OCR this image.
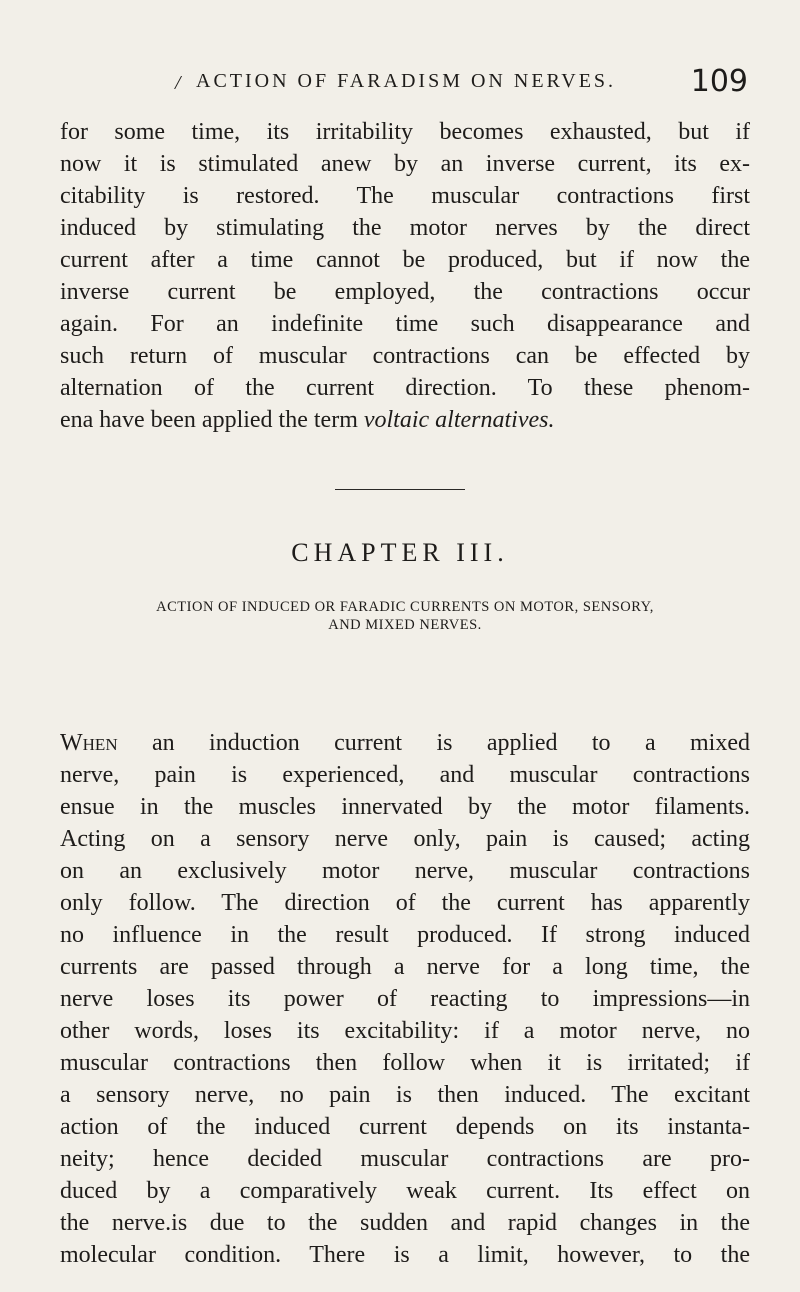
/ ACTION OF FARADISM ON NERVES. 109
for some time, its irritability becomes exhausted, but if
now it is stimulated anew by an inverse current, its ex-
citability is restored. The muscular contractions first
induced by stimulating the motor nerves by the direct
current after a time cannot be produced, but if now the
inverse current be employed, the contractions occur
again. For an indefinite time such disappearance and
such return of muscular contractions can be effected by
alternation of the current direction. To these phenom-
ena have been applied the term voltaic alternatives.
CHAPTER III.
ACTION OF INDUCED OR FARADIC CURRENTS ON MOTOR, SENSORY,
AND MIXED NERVES.
When an induction current is applied to a mixed
nerve, pain is experienced, and muscular contractions
ensue in the muscles innervated by the motor filaments.
Acting on a sensory nerve only, pain is caused; acting
on an exclusively motor nerve, muscular contractions
only follow. The direction of the current has apparently
no influence in the result produced. If strong induced
currents are passed through a nerve for a long time, the
nerve loses its power of reacting to impressions—in
other words, loses its excitability: if a motor nerve, no
muscular contractions then follow when it is irritated; if
a sensory nerve, no pain is then induced. The excitant
action of the induced current depends on its instanta-
neity; hence decided muscular contractions are pro-
duced by a comparatively weak current. Its effect on
the nerve.is due to the sudden and rapid changes in the
molecular condition. There is a limit, however, to the
